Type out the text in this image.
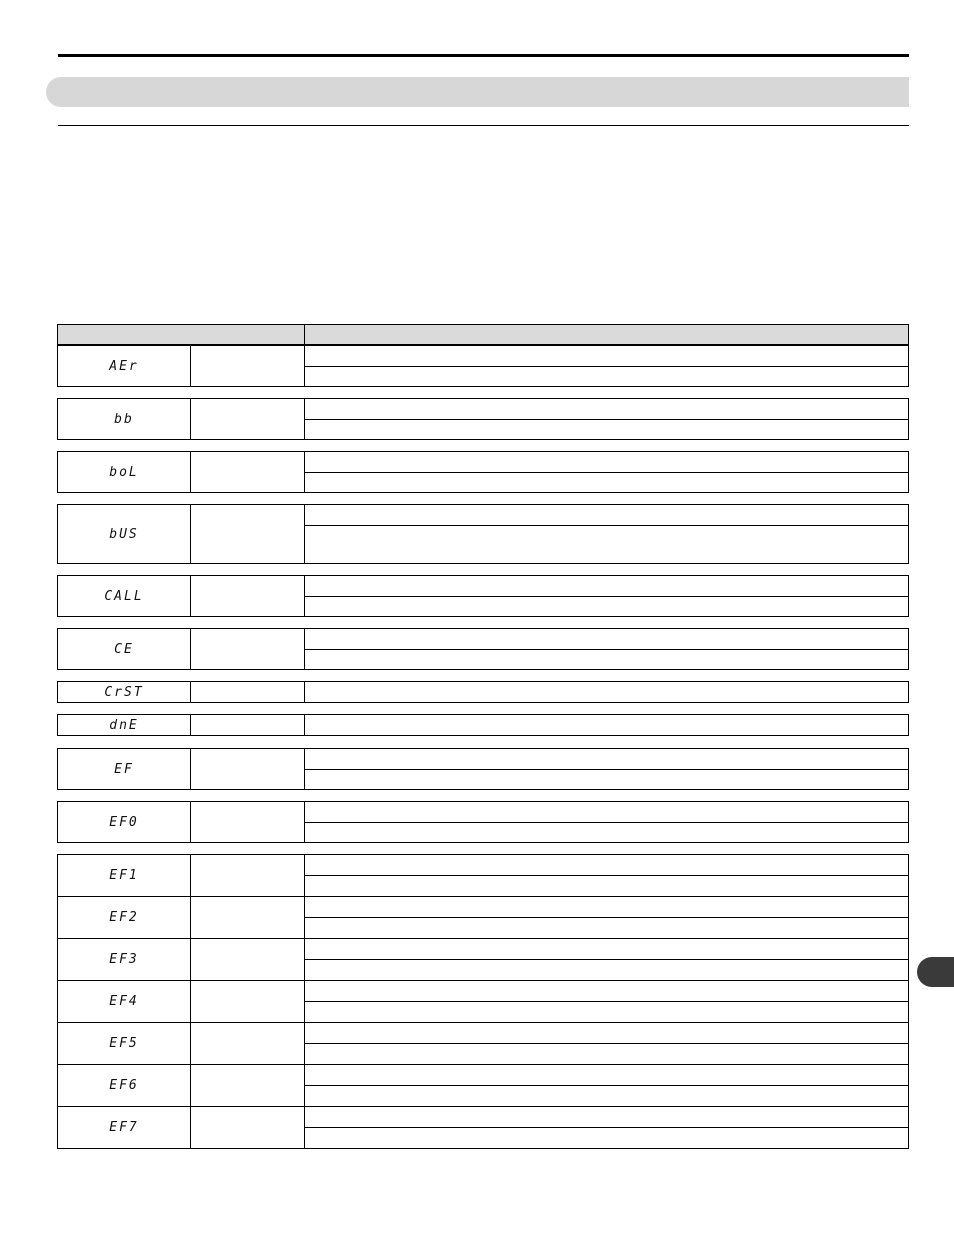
AEr
bb
boL
bUS
CALL
CE
CrST
dnE
EF
EF0
EF1
EF2
EF3
EF4
EF5
EF6
EF7
